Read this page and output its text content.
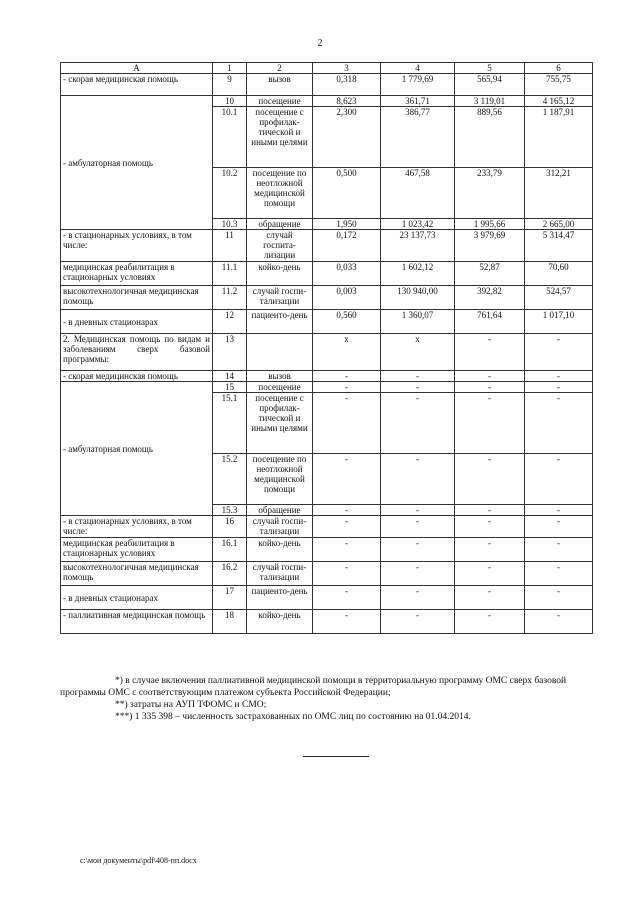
2
А	1	2	3	4	5	6
- скорая медицинская помощь	9	вызов	0,318	1 779,69	565,94	755,75
- амбулаторная помощь	10	посещение	8,623	361,71	3 119,01	4 165,12
	10.1	посещение с профилак-тической и иными целями	2,300	386,77	889,56	1 187,91
	10.2	посещение по неотложной медицинской помощи	0,500	467,58	233,79	312,21
	10.3	обращение	1,950	1 023,42	1 995,66	2 665,00
- в стационарных условиях, в том числе:	11	случай госпита-лизации	0,172	23 137,73	3 979,69	5 314,47
медицинская реабилитация в стационарных условиях	11.1	койко-день	0,033	1 602,12	52,87	70,60
высокотехнологичная медицинская помощь	11.2	случай госпи-тализации	0,003	130 940,00	392,82	524,57
- в дневных стационарах	12	пациенто-день	0,560	1 360,07	761,64	1 017,10
2. Медицинская помощь по видам и заболеваниям сверх базовой программы:	13		х	х	-	-
- скорая медицинская помощь	14	вызов	-	-	-	-
- амбулаторная помощь	15	посещение	-	-	-	-
	15.1	посещение с профилак-тической и иными целями	-	-	-	-
	15.2	посещение по неотложной медицинской помощи	-	-	-	-
	15.3	обращение	-	-	-	-
- в стационарных условиях, в том числе:	16	случай госпи-тализации	-	-	-	-
медицинская реабилитация в стационарных условиях	16.1	койко-день	-	-	-	-
высокотехнологичная медицинская помощь	16.2	случай госпи-тализации	-	-	-	-
- в дневных стационарах	17	пациенто-день	-	-	-	-
- паллиативная медицинская помощь	18	койко-день	-	-	-	-

*) в случае включения паллиативной медицинской помощи в территориальную программу ОМС сверх базовой программы ОМС с соответствующим платежом субъекта Российской Федерации;

**) затраты на АУП ТФОМС и СМО;

***) 1 335 398 – численность застрахованных по ОМС лиц по состоянию на 01.04.2014.

c:\мои документы\pdf\408-пп.docx
